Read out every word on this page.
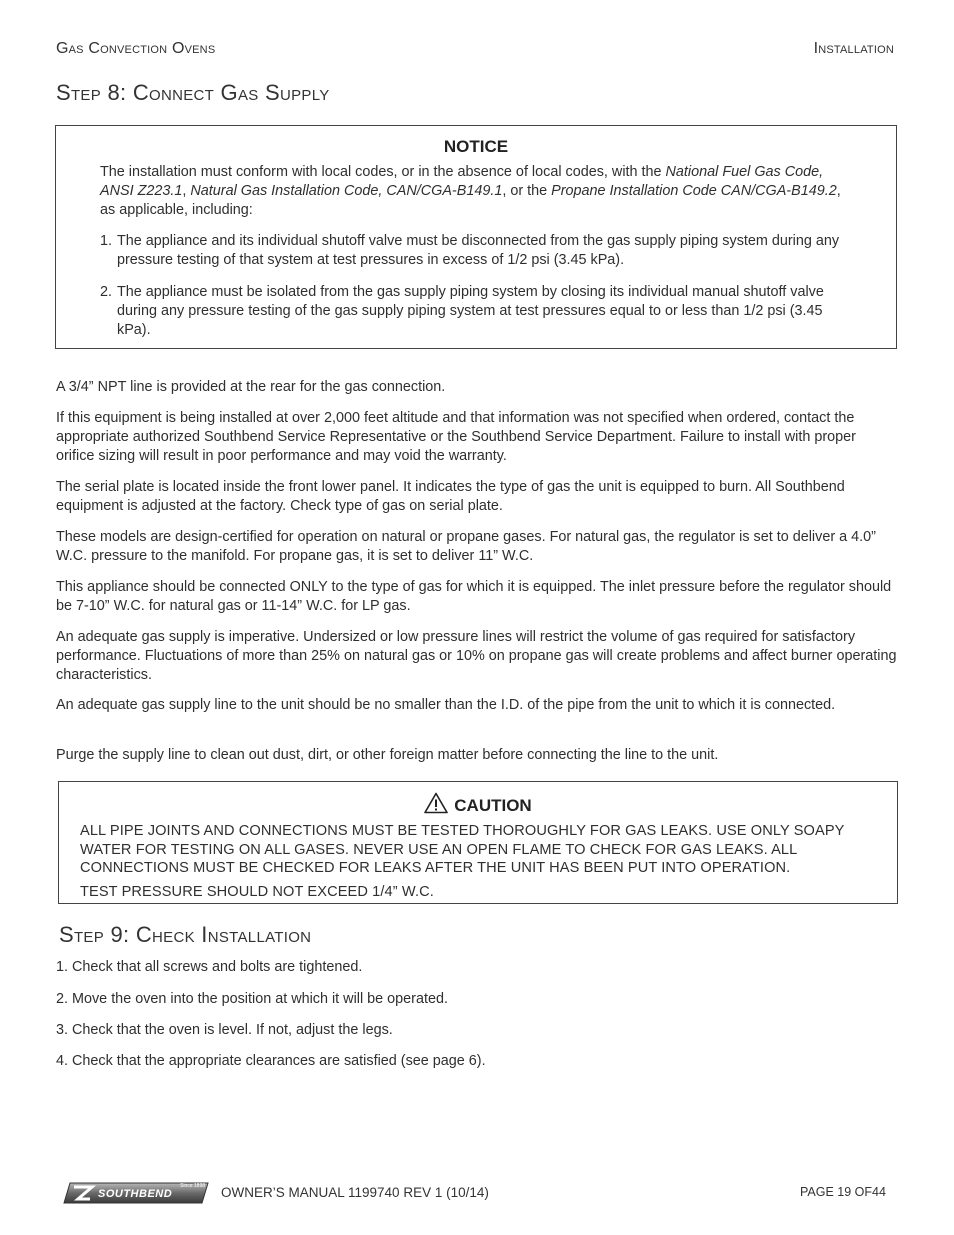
Gas Convection Ovens	Installation
Step 8: Connect Gas Supply
NOTICE
The installation must conform with local codes, or in the absence of local codes, with the National Fuel Gas Code, ANSI Z223.1, Natural Gas Installation Code, CAN/CGA-B149.1, or the Propane Installation Code CAN/CGA-B149.2, as applicable, including:
1. The appliance and its individual shutoff valve must be disconnected from the gas supply piping system during any pressure testing of that system at test pressures in excess of 1/2 psi (3.45 kPa).
2. The appliance must be isolated from the gas supply piping system by closing its individual manual shutoff valve during any pressure testing of the gas supply piping system at test pressures equal to or less than 1/2 psi (3.45 kPa).

A 3/4” NPT line is provided at the rear for the gas connection.

If this equipment is being installed at over 2,000 feet altitude and that information was not specified when ordered, contact the appropriate authorized Southbend Service Representative or the Southbend Service Department. Failure to install with proper orifice sizing will result in poor performance and may void the warranty.

The serial plate is located inside the front lower panel. It indicates the type of gas the unit is equipped to burn. All Southbend equipment is adjusted at the factory. Check type of gas on serial plate.

These models are design-certified for operation on natural or propane gases. For natural gas, the regulator is set to deliver a 4.0” W.C. pressure to the manifold. For propane gas, it is set to deliver 11” W.C.

This appliance should be connected ONLY to the type of gas for which it is equipped. The inlet pressure before the regulator should be 7-10” W.C. for natural gas or 11-14” W.C. for LP gas.

An adequate gas supply is imperative. Undersized or low pressure lines will restrict the volume of gas required for satisfactory performance. Fluctuations of more than 25% on natural gas or 10% on propane gas will create problems and affect burner operating characteristics.

An adequate gas supply line to the unit should be no smaller than the I.D. of the pipe from the unit to which it is connected.

Purge the supply line to clean out dust, dirt, or other foreign matter before connecting the line to the unit.

CAUTION
ALL PIPE JOINTS AND CONNECTIONS MUST BE TESTED THOROUGHLY FOR GAS LEAKS. USE ONLY SOAPY WATER FOR TESTING ON ALL GASES. NEVER USE AN OPEN FLAME TO CHECK FOR GAS LEAKS. ALL CONNECTIONS MUST BE CHECKED FOR LEAKS AFTER THE UNIT HAS BEEN PUT INTO OPERATION.
TEST PRESSURE SHOULD NOT EXCEED 1/4” W.C.
Step 9: Check Installation

1. Check that all screws and bolts are tightened.

2. Move the oven into the position at which it will be operated.

3. Check that the oven is level. If not, adjust the legs.

4. Check that the appropriate clearances are satisfied (see page 6).

SOUTHBEND
Since 1898 OWNER’S MANUAL 1199740 REV 1 (10/14)	PAGE 19 OF44
